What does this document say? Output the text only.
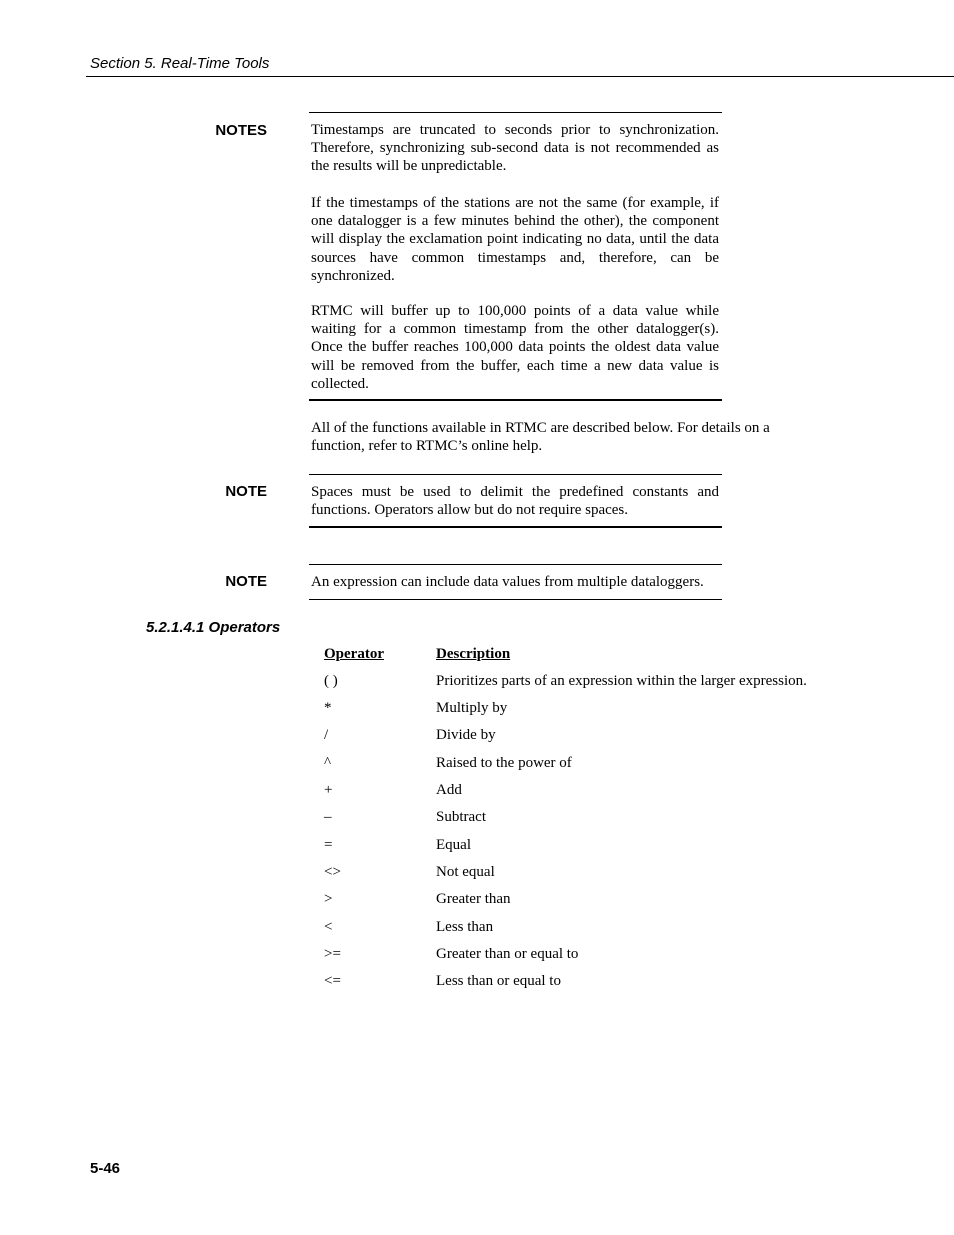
Section 5. Real-Time Tools
NOTES	Timestamps are truncated to seconds prior to synchronization. Therefore, synchronizing sub-second data is not recommended as the results will be unpredictable.
If the timestamps of the stations are not the same (for example, if one datalogger is a few minutes behind the other), the component will display the exclamation point indicating no data, until the data sources have common timestamps and, therefore, can be synchronized.
RTMC will buffer up to 100,000 points of a data value while waiting for a common timestamp from the other datalogger(s). Once the buffer reaches 100,000 data points the oldest data value will be removed from the buffer, each time a new data value is collected.
All of the functions available in RTMC are described below. For details on a function, refer to RTMC’s online help.
NOTE	Spaces must be used to delimit the predefined constants and functions. Operators allow but do not require spaces.
NOTE	An expression can include data values from multiple dataloggers.
5.2.1.4.1 Operators
Operator	Description
( )	Prioritizes parts of an expression within the larger expression.
*	Multiply by
/	Divide by
^	Raised to the power of
+	Add
–	Subtract
=	Equal
<>	Not equal
>	Greater than
<	Less than
>=	Greater than or equal to
<=	Less than or equal to
5-46
